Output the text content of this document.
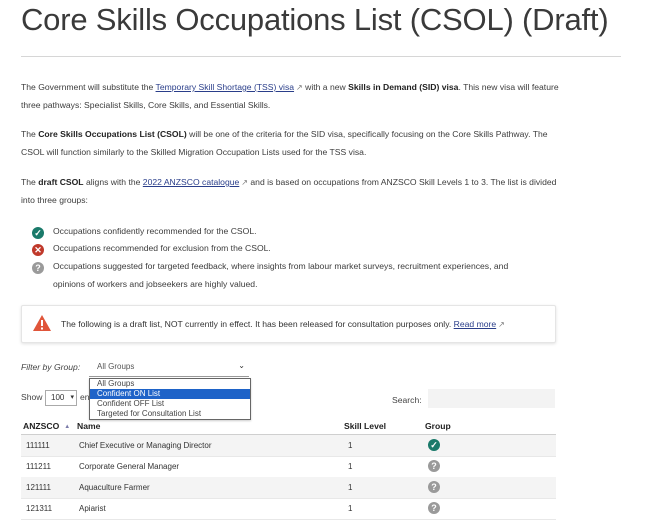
Core Skills Occupations List (CSOL) (Draft)
The Government will substitute the Temporary Skill Shortage (TSS) visa ↗ with a new Skills in Demand (SID) visa. This new visa will feature three pathways: Specialist Skills, Core Skills, and Essential Skills.
The Core Skills Occupations List (CSOL) will be one of the criteria for the SID visa, specifically focusing on the Core Skills Pathway. The CSOL will function similarly to the Skilled Migration Occupation Lists used for the TSS visa.
The draft CSOL aligns with the 2022 ANZSCO catalogue ↗ and is based on occupations from ANZSCO Skill Levels 1 to 3. The list is divided into three groups:
✓ Occupations confidently recommended for the CSOL.
✕ Occupations recommended for exclusion from the CSOL.
?	Occupations suggested for targeted feedback, where insights from labour market surveys, recruitment experiences, and opinions of workers and jobseekers are highly valued.
The following is a draft list, NOT currently in effect. It has been released for consultation purposes only. Read more ↗
Filter by Group: All Groups	⌄
All Groups
Confident ON List
Confident OFF List
Targeted for Consultation List
Show 100 ▾ en	Search:
ANZSCO ▲ Name	Skill Level	Group
111111	Chief Executive or Managing Director	1	✓
111211	Corporate General Manager	1	?
121111	Aquaculture Farmer	1	?
121311	Apiarist	1	?
